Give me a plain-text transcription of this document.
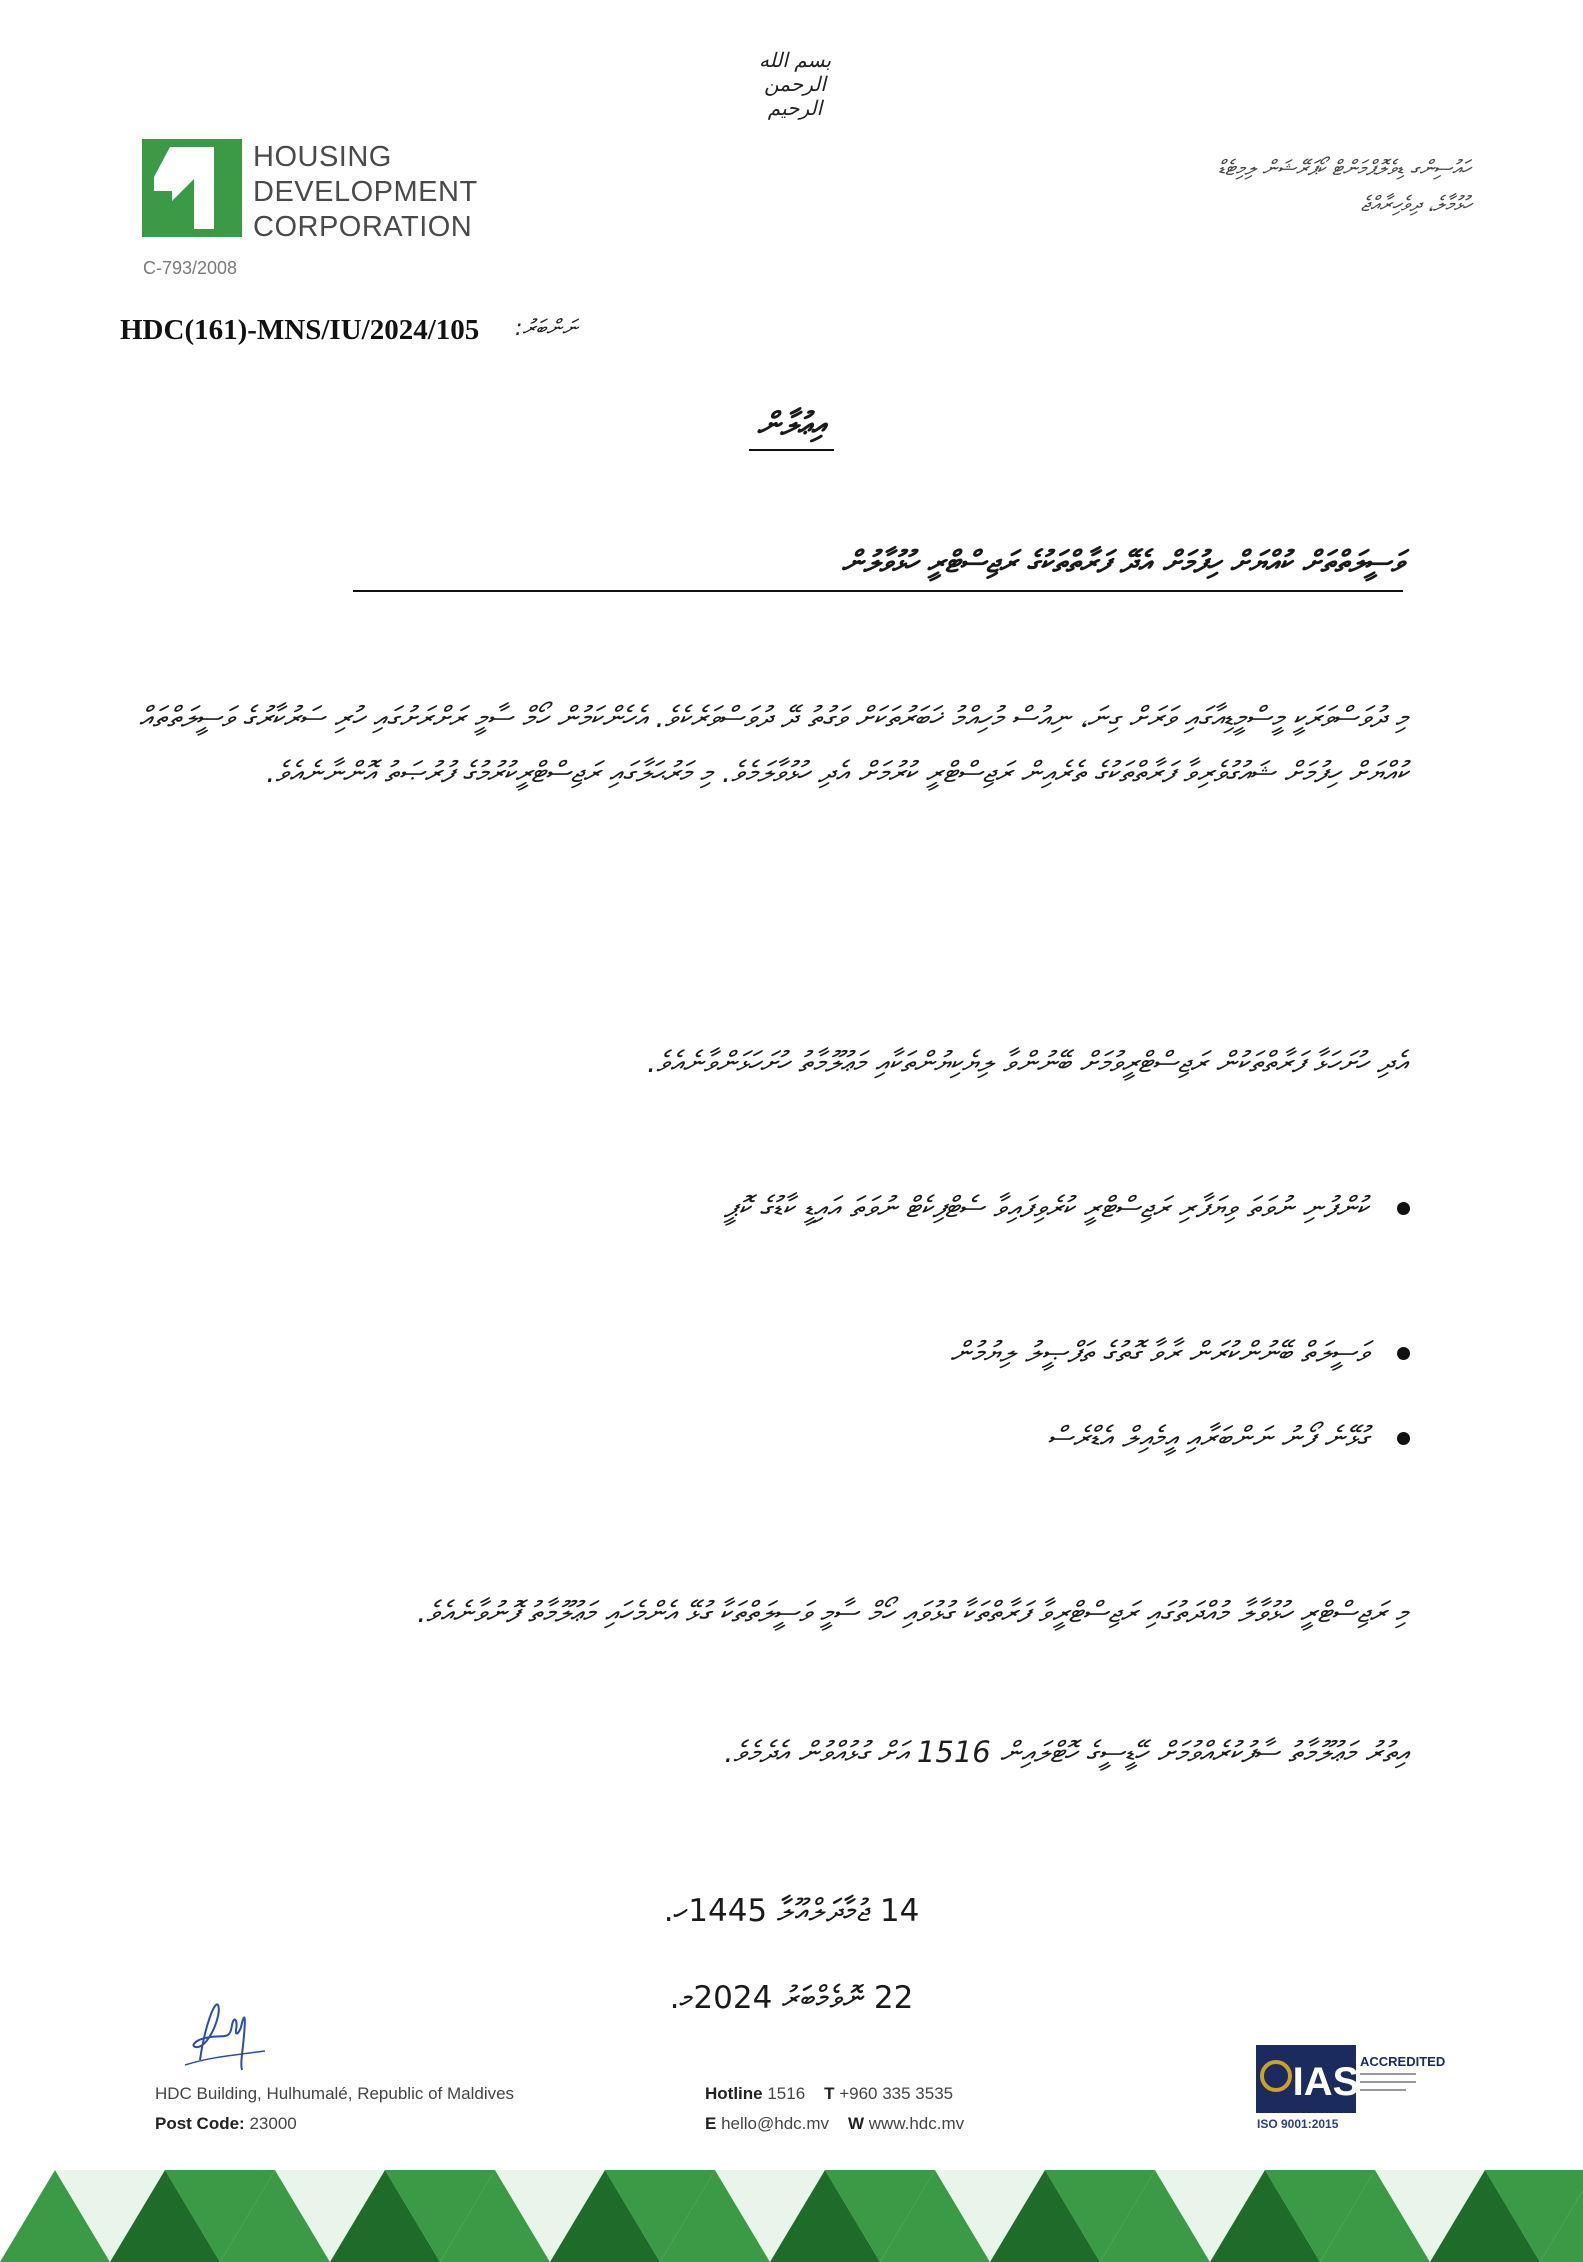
بسم الله الرحمن الرحيم
HOUSING
DEVELOPMENT
CORPORATION
C-793/2008
ހައުސިންގ ޑިވެލޮޕްމަންޓް ކޯޕަރޭޝަން ލިމިޓެޑް
ހުޅުމާލެ، ދިވެހިރާއްޖެ
HDC(161)-MNS/IU/2024/105 ނަންބަރު:
އިޢުލާން
ވަސީލަތްތަށް ކުއްޔަށް ހިފުމަށް އެދޭ ފަރާތްތަކުގެ ރަޖިސްޓްރީ ހުޅުވާލުން
މި ދުވަސްވަރަކީ މީސްމީޑިއާގައި ވަރަށް ގިނަ، ނިއުސް މުހިއްމު ޚަބަރުތަކަށް ވަގުތު ދޭ ދުވަސްވަރެކެވެ. އެހެންކަމުން ހޯމް ސާމީ ރަށްރަށުގައި ހުރި ސަރުކާރުގެ ވަސީލަތްތައް ކުއްޔަށް ހިފުމަށް ޝައުގުވެރިވާ ފަރާތްތަކުގެ ތެރެއިން ރަޖިސްޓްރީ ކުރުމަށް އެދި ހުޅުވާލަމެވެ. މި މަރުޙަލާގައި ރަޖިސްޓްރީކުރުމުގެ ފުރުޞަތު އޮންނާނެއެވެ.
އެދި ހުށަހަޅާ ފަރާތްތަކުން ރަޖިސްޓްރީވުމަށް ބޭނުންވާ ލިޔެކިޔުންތަކާއި މަޢުލޫމާތު ހުށަހަޅަންވާނެއެވެ.
ކުންފުނި ނުވަތަ ވިޔަފާރި ރަޖިސްޓްރީ ކުރެވިފައިވާ ސެޓްފިކެޓް ނުވަތަ އައިޑީ ކާޑުގެ ކޮޕީ
ވަސީލަތް ބޭނުންކުރަން ރާވާ ގޮތުގެ ތަފްޞީލު ލިޔުމުން
ގުޅޭނެ ފޯނު ނަންބަރާއި އީމެއިލް އެޑްރެސް
މި ރަޖިސްޓްރީ ހުޅުވާލާ މުއްދަތުގައި ރަޖިސްޓްރީވާ ފަރާތްތަކާ ގުޅުވައި ހޯމް ސާމީ ވަސީލަތްތަކާ ގުޅޭ އެންމެހައި މަޢުލޫމާތު ފޮނުވާނެއެވެ.
އިތުރު މަޢުލޫމާތު ސާފުކުރެއްވުމަށް ހޭޑީސީގެ ހޮޓްލައިން 1516 އަށް ގުޅުއްވުން އެދެމެވެ.
14 ޖުމާދަލްއޫލާ 1445ހ.
22 ނޮވެމްބަރު 2024މ.
HDC Building, Hulhumalé, Republic of Maldives
Post Code: 23000
Hotline 1516 T +960 335 3535
E hello@hdc.mv W www.hdc.mv
IAS ACCREDITED
ISO 9001:2015
